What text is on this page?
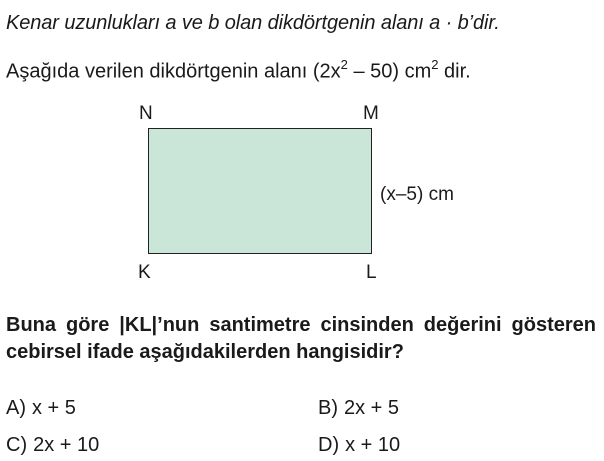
Kenar uzunlukları a ve b olan dikdörtgenin alanı a · b’dir.
Aşağıda verilen dikdörtgenin alanı $(2x^2 - 50)$ $cm^2$ dir.
N	M
K	L
(x–5) cm
Buna göre |KL|’nun santimetre cinsinden değerini gösteren cebirsel ifade aşağıdakilerden hangisidir?
A) x + 5	B) 2x + 5
C) 2x + 10	D) x + 10
